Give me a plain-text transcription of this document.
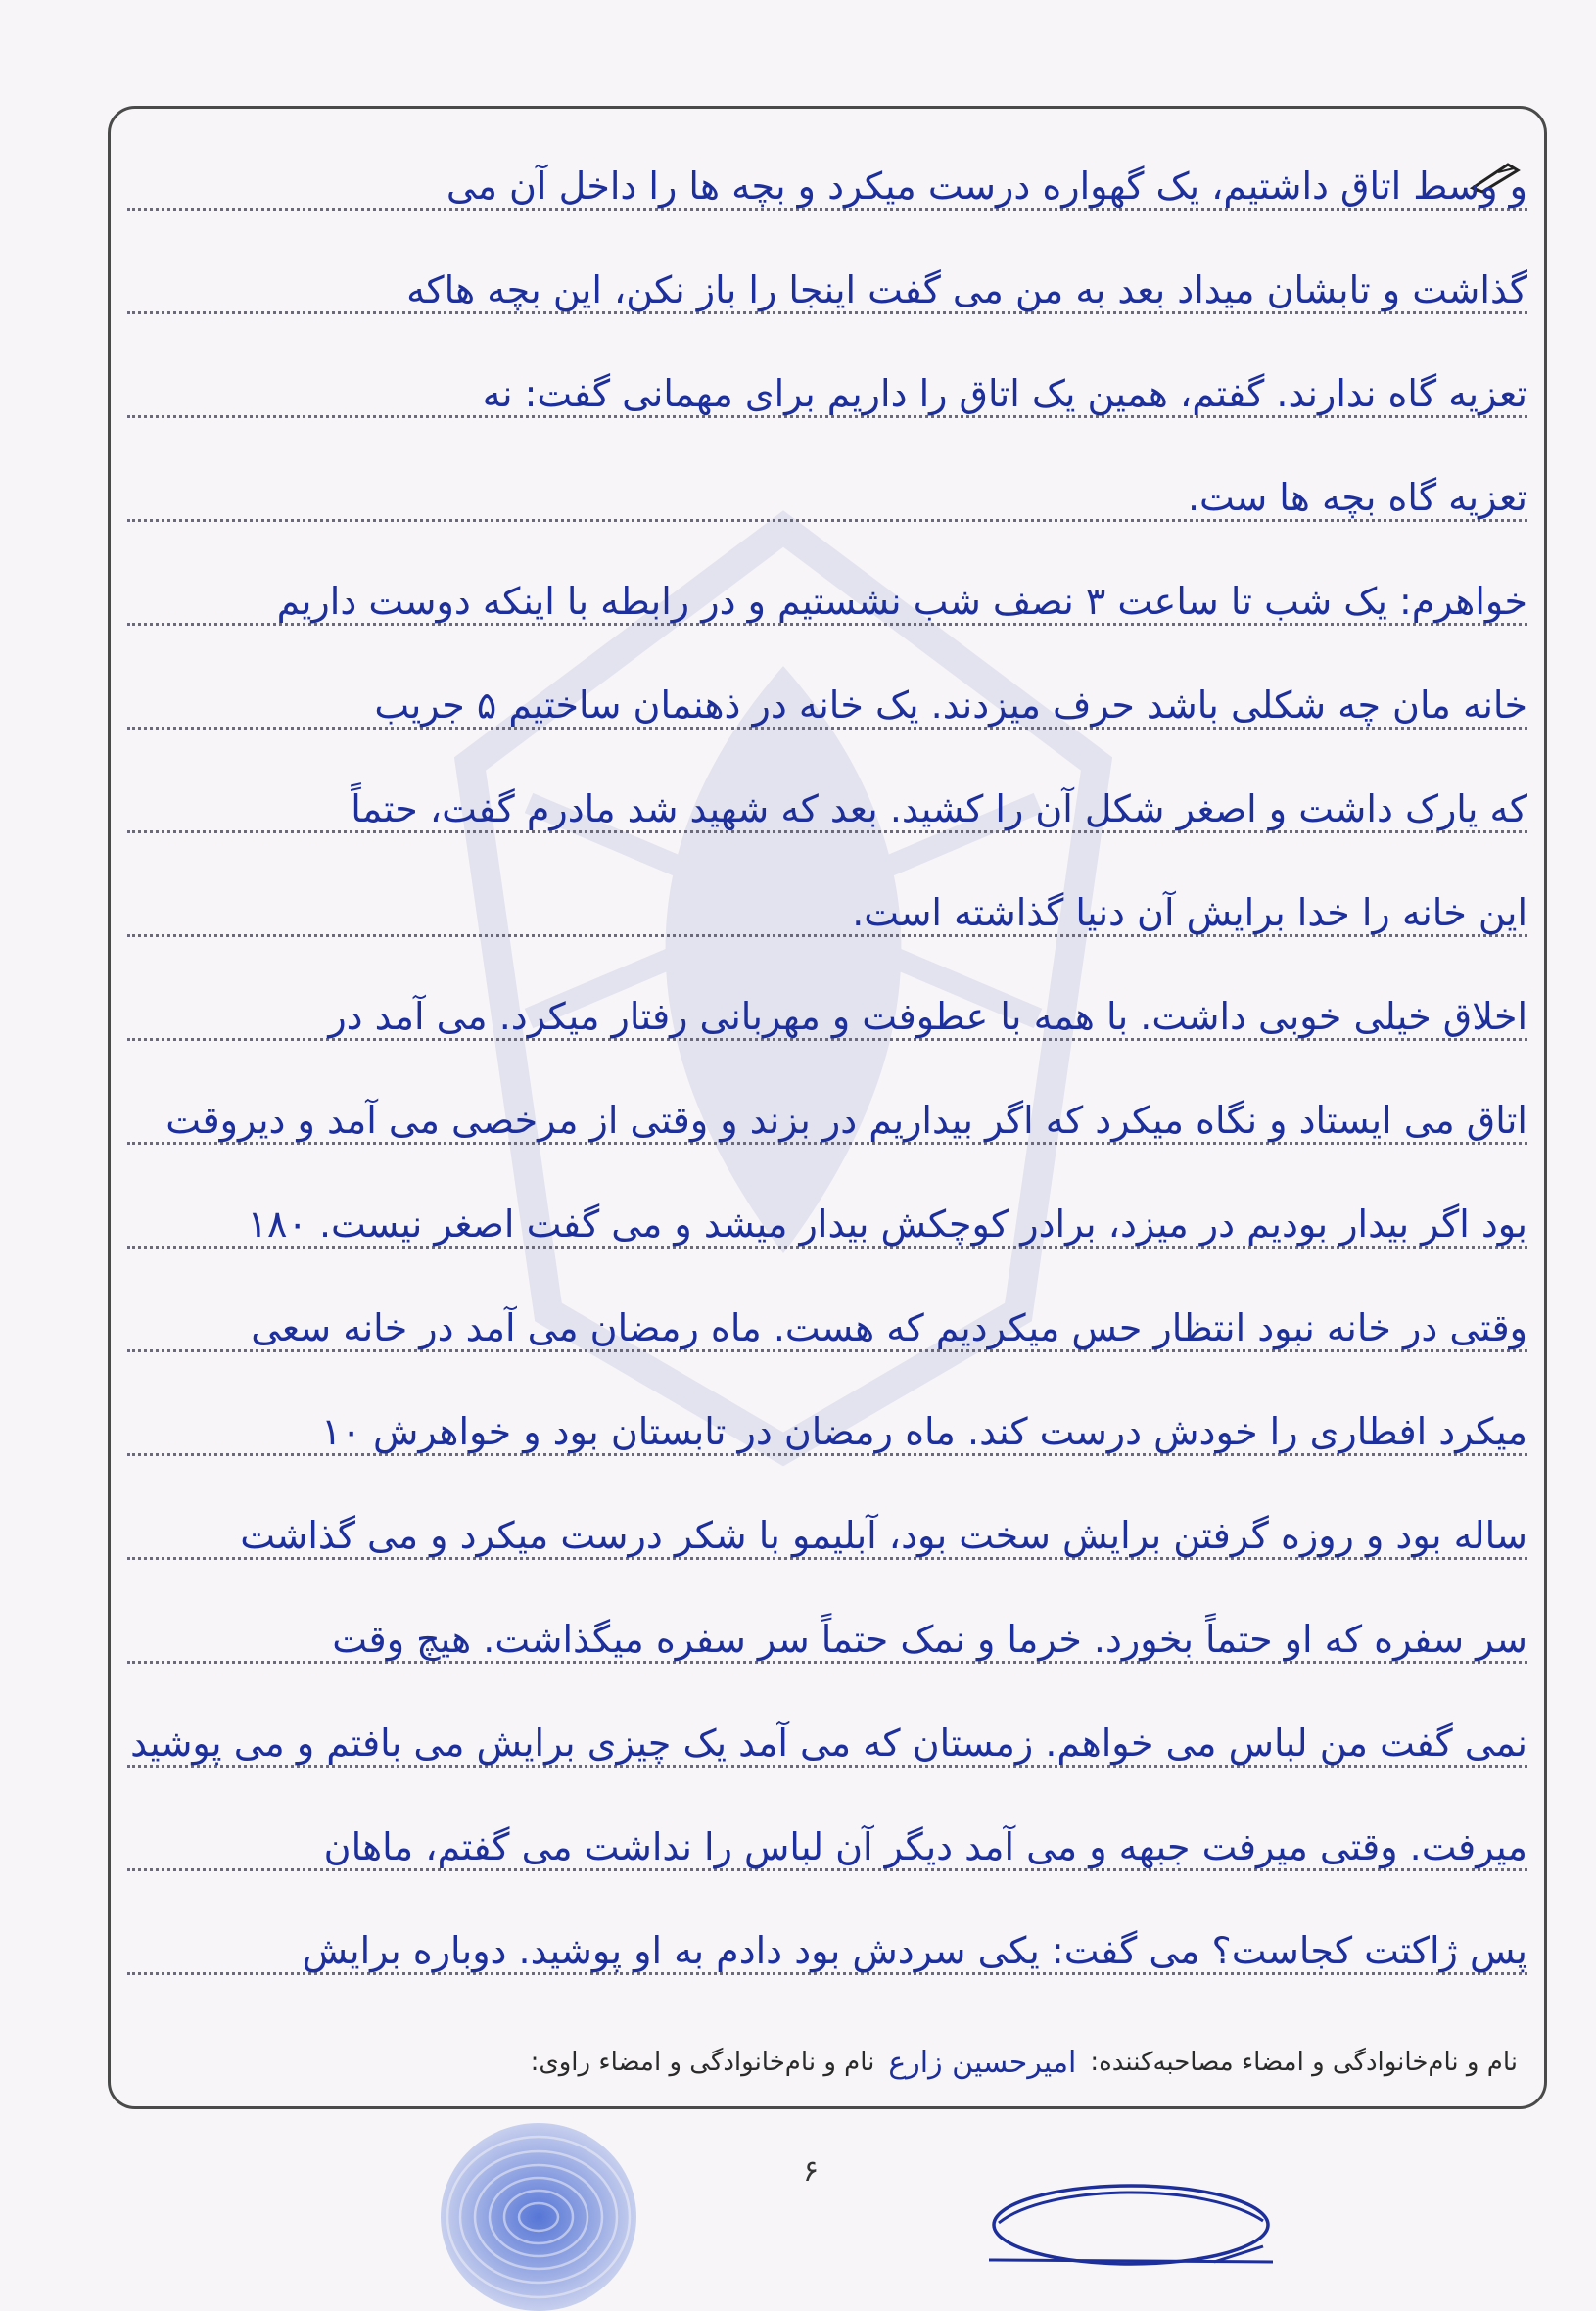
و وسط اتاق داشتیم، یک گهواره درست میکرد و بچه ها را داخل آن می
گذاشت و تابشان میداد بعد به من می گفت اینجا را باز نکن، این بچه هاکه
تعزیه گاه ندارند. گفتم، همین یک اتاق را داریم برای مهمانی گفت: نه
تعزیه گاه بچه ها ست.
خواهرم: یک شب تا ساعت ۳ نصف شب نشستیم و در رابطه با اینکه دوست داریم
خانه مان چه شکلی باشد حرف میزدند. یک خانه در ذهنمان ساختیم ۵ جریب
که یارک داشت و اصغر شکل آن را کشید. بعد که شهید شد مادرم گفت، حتماً
این خانه را خدا برایش آن دنیا گذاشته است.
اخلاق خیلی خوبی داشت. با همه با عطوفت و مهربانی رفتار میکرد. می آمد در
اتاق می ایستاد و نگاه میکرد که اگر بیداریم در بزند و وقتی از مرخصی می آمد و دیروقت
بود اگر بیدار بودیم در میزد، برادر کوچکش بیدار میشد و می گفت اصغر نیست. ۱۸۰
وقتی در خانه نبود انتظار حس میکردیم که هست. ماه رمضان می آمد در خانه سعی
میکرد افطاری را خودش درست کند. ماه رمضان در تابستان بود و خواهرش ۱۰
ساله بود و روزه گرفتن برایش سخت بود، آبلیمو با شکر درست میکرد و می گذاشت
سر سفره که او حتماً بخورد. خرما و نمک حتماً سر سفره میگذاشت. هیچ وقت
نمی گفت من لباس می خواهم. زمستان که می آمد یک چیزی برایش می بافتم و می پوشید
میرفت. وقتی میرفت جبهه و می آمد دیگر آن لباس را نداشت می گفتم، ماهان
پس ژاکتت کجاست؟ می گفت: یکی سردش بود دادم به او پوشید. دوباره برایش
نام و نام‌خانوادگی و امضاء مصاحبه‌کننده:
امیرحسین زارع
نام و نام‌خانوادگی و امضاء راوی:
۶
